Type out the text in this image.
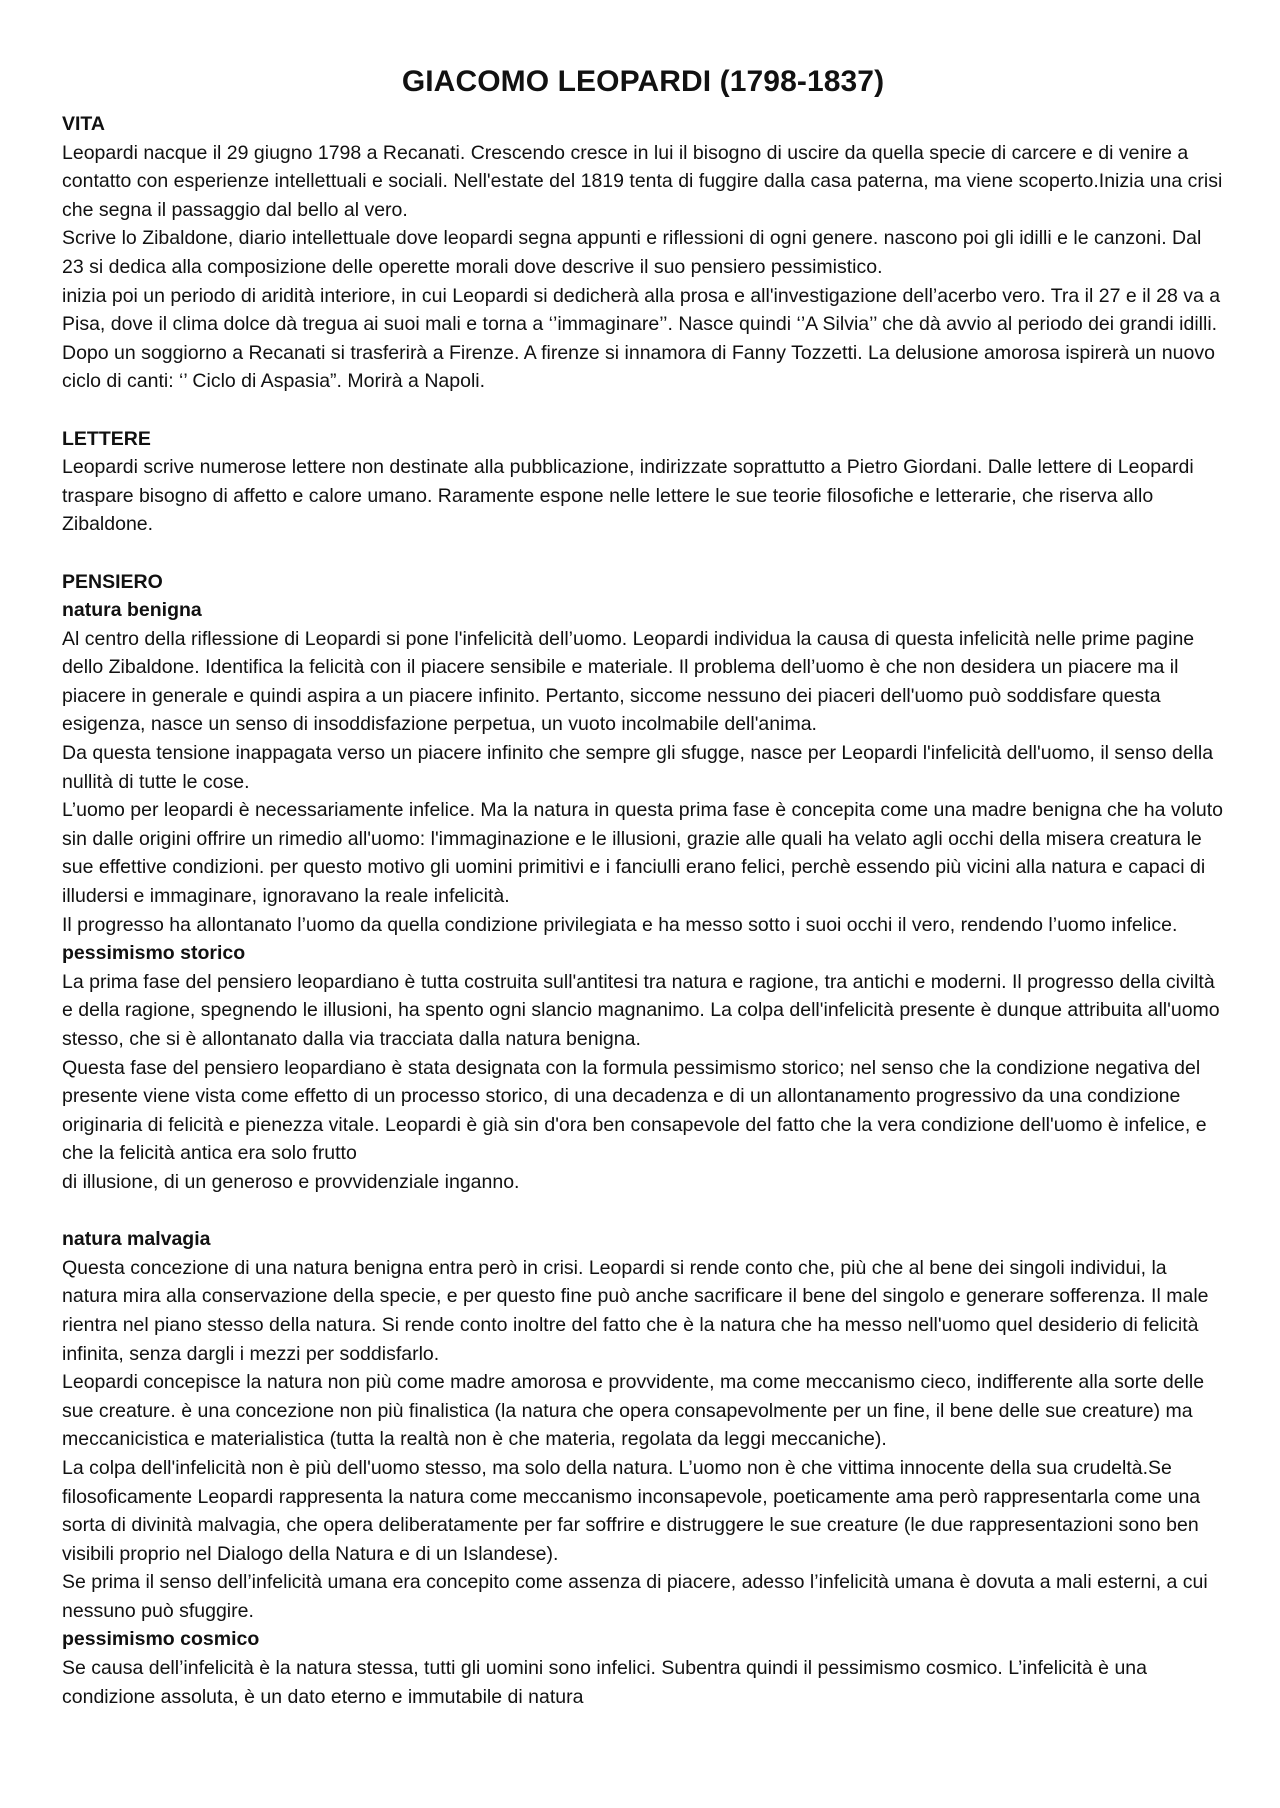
GIACOMO LEOPARDI (1798-1837)

VITA

Leopardi nacque il 29 giugno 1798 a Recanati. Crescendo cresce in lui il bisogno di uscire da quella specie di carcere e di venire a contatto con esperienze intellettuali e sociali. Nell'estate del 1819 tenta di fuggire dalla casa paterna, ma viene scoperto.Inizia una crisi che segna il passaggio dal bello al vero.

Scrive lo Zibaldone, diario intellettuale dove leopardi segna appunti e riflessioni di ogni genere. nascono poi gli idilli e le canzoni. Dal 23 si dedica alla composizione delle operette morali dove descrive il suo pensiero pessimistico.

inizia poi un periodo di aridità interiore, in cui Leopardi si dedicherà alla prosa e all'investigazione dell’acerbo vero. Tra il 27 e il 28 va a Pisa, dove il clima dolce dà tregua ai suoi mali e torna a ‘’immaginare’’. Nasce quindi ‘’A Silvia’’ che dà avvio al periodo dei grandi idilli. Dopo un soggiorno a Recanati si trasferirà a Firenze. A firenze si innamora di Fanny Tozzetti. La delusione amorosa ispirerà un nuovo ciclo di canti: ‘’ Ciclo di Aspasia”. Morirà a Napoli.

LETTERE

Leopardi scrive numerose lettere non destinate alla pubblicazione, indirizzate soprattutto a Pietro Giordani. Dalle lettere di Leopardi traspare bisogno di affetto e calore umano. Raramente espone nelle lettere le sue teorie filosofiche e letterarie, che riserva allo Zibaldone.

PENSIERO

natura benigna

Al centro della riflessione di Leopardi si pone l'infelicità dell’uomo. Leopardi individua la causa di questa infelicità nelle prime pagine dello Zibaldone. Identifica la felicità con il piacere sensibile e materiale. Il problema dell’uomo è che non desidera un piacere ma il piacere in generale e quindi aspira a un piacere infinito. Pertanto, siccome nessuno dei piaceri dell'uomo può soddisfare questa esigenza, nasce un senso di insoddisfazione perpetua, un vuoto incolmabile dell'anima.

Da questa tensione inappagata verso un piacere infinito che sempre gli sfugge, nasce per Leopardi l'infelicità dell'uomo, il senso della nullità di tutte le cose.

L’uomo per leopardi è necessariamente infelice. Ma la natura in questa prima fase è concepita come una madre benigna che ha voluto sin dalle origini offrire un rimedio all'uomo: l'immaginazione e le illusioni, grazie alle quali ha velato agli occhi della misera creatura le sue effettive condizioni. per questo motivo gli uomini primitivi e i fanciulli erano felici, perchè essendo più vicini alla natura e capaci di illudersi e immaginare, ignoravano la reale infelicità.

Il progresso ha allontanato l’uomo da quella condizione privilegiata e ha messo sotto i suoi occhi il vero, rendendo l’uomo infelice.

pessimismo storico

La prima fase del pensiero leopardiano è tutta costruita sull'antitesi tra natura e ragione, tra antichi e moderni. Il progresso della civiltà e della ragione, spegnendo le illusioni, ha spento ogni slancio magnanimo. La colpa dell'infelicità presente è dunque attribuita all'uomo stesso, che si è allontanato dalla via tracciata dalla natura benigna.

Questa fase del pensiero leopardiano è stata designata con la formula pessimismo storico; nel senso che la condizione negativa del presente viene vista come effetto di un processo storico, di una decadenza e di un allontanamento progressivo da una condizione originaria di felicità e pienezza vitale. Leopardi è già sin d'ora ben consapevole del fatto che la vera condizione dell'uomo è infelice, e che la felicità antica era solo frutto

di illusione, di un generoso e provvidenziale inganno.

natura malvagia

Questa concezione di una natura benigna entra però in crisi. Leopardi si rende conto che, più che al bene dei singoli individui, la natura mira alla conservazione della specie, e per questo fine può anche sacrificare il bene del singolo e generare sofferenza. Il male rientra nel piano stesso della natura. Si rende conto inoltre del fatto che è la natura che ha messo nell'uomo quel desiderio di felicità infinita, senza dargli i mezzi per soddisfarlo.

Leopardi concepisce la natura non più come madre amorosa e provvidente, ma come meccanismo cieco, indifferente alla sorte delle sue creature. è una concezione non più finalistica (la natura che opera consapevolmente per un fine, il bene delle sue creature) ma meccanicistica e materialistica (tutta la realtà non è che materia, regolata da leggi meccaniche).

La colpa dell'infelicità non è più dell'uomo stesso, ma solo della natura. L’uomo non è che vittima innocente della sua crudeltà.Se filosoficamente Leopardi rappresenta la natura come meccanismo inconsapevole, poeticamente ama però rappresentarla come una sorta di divinità malvagia, che opera deliberatamente per far soffrire e distruggere le sue creature (le due rappresentazioni sono ben visibili proprio nel Dialogo della Natura e di un Islandese).

Se prima il senso dell’infelicità umana era concepito come assenza di piacere, adesso l’infelicità umana è dovuta a mali esterni, a cui nessuno può sfuggire.

pessimismo cosmico

Se causa dell’infelicità è la natura stessa, tutti gli uomini sono infelici. Subentra quindi il pessimismo cosmico. L’infelicità è una condizione assoluta, è un dato eterno e immutabile di natura
